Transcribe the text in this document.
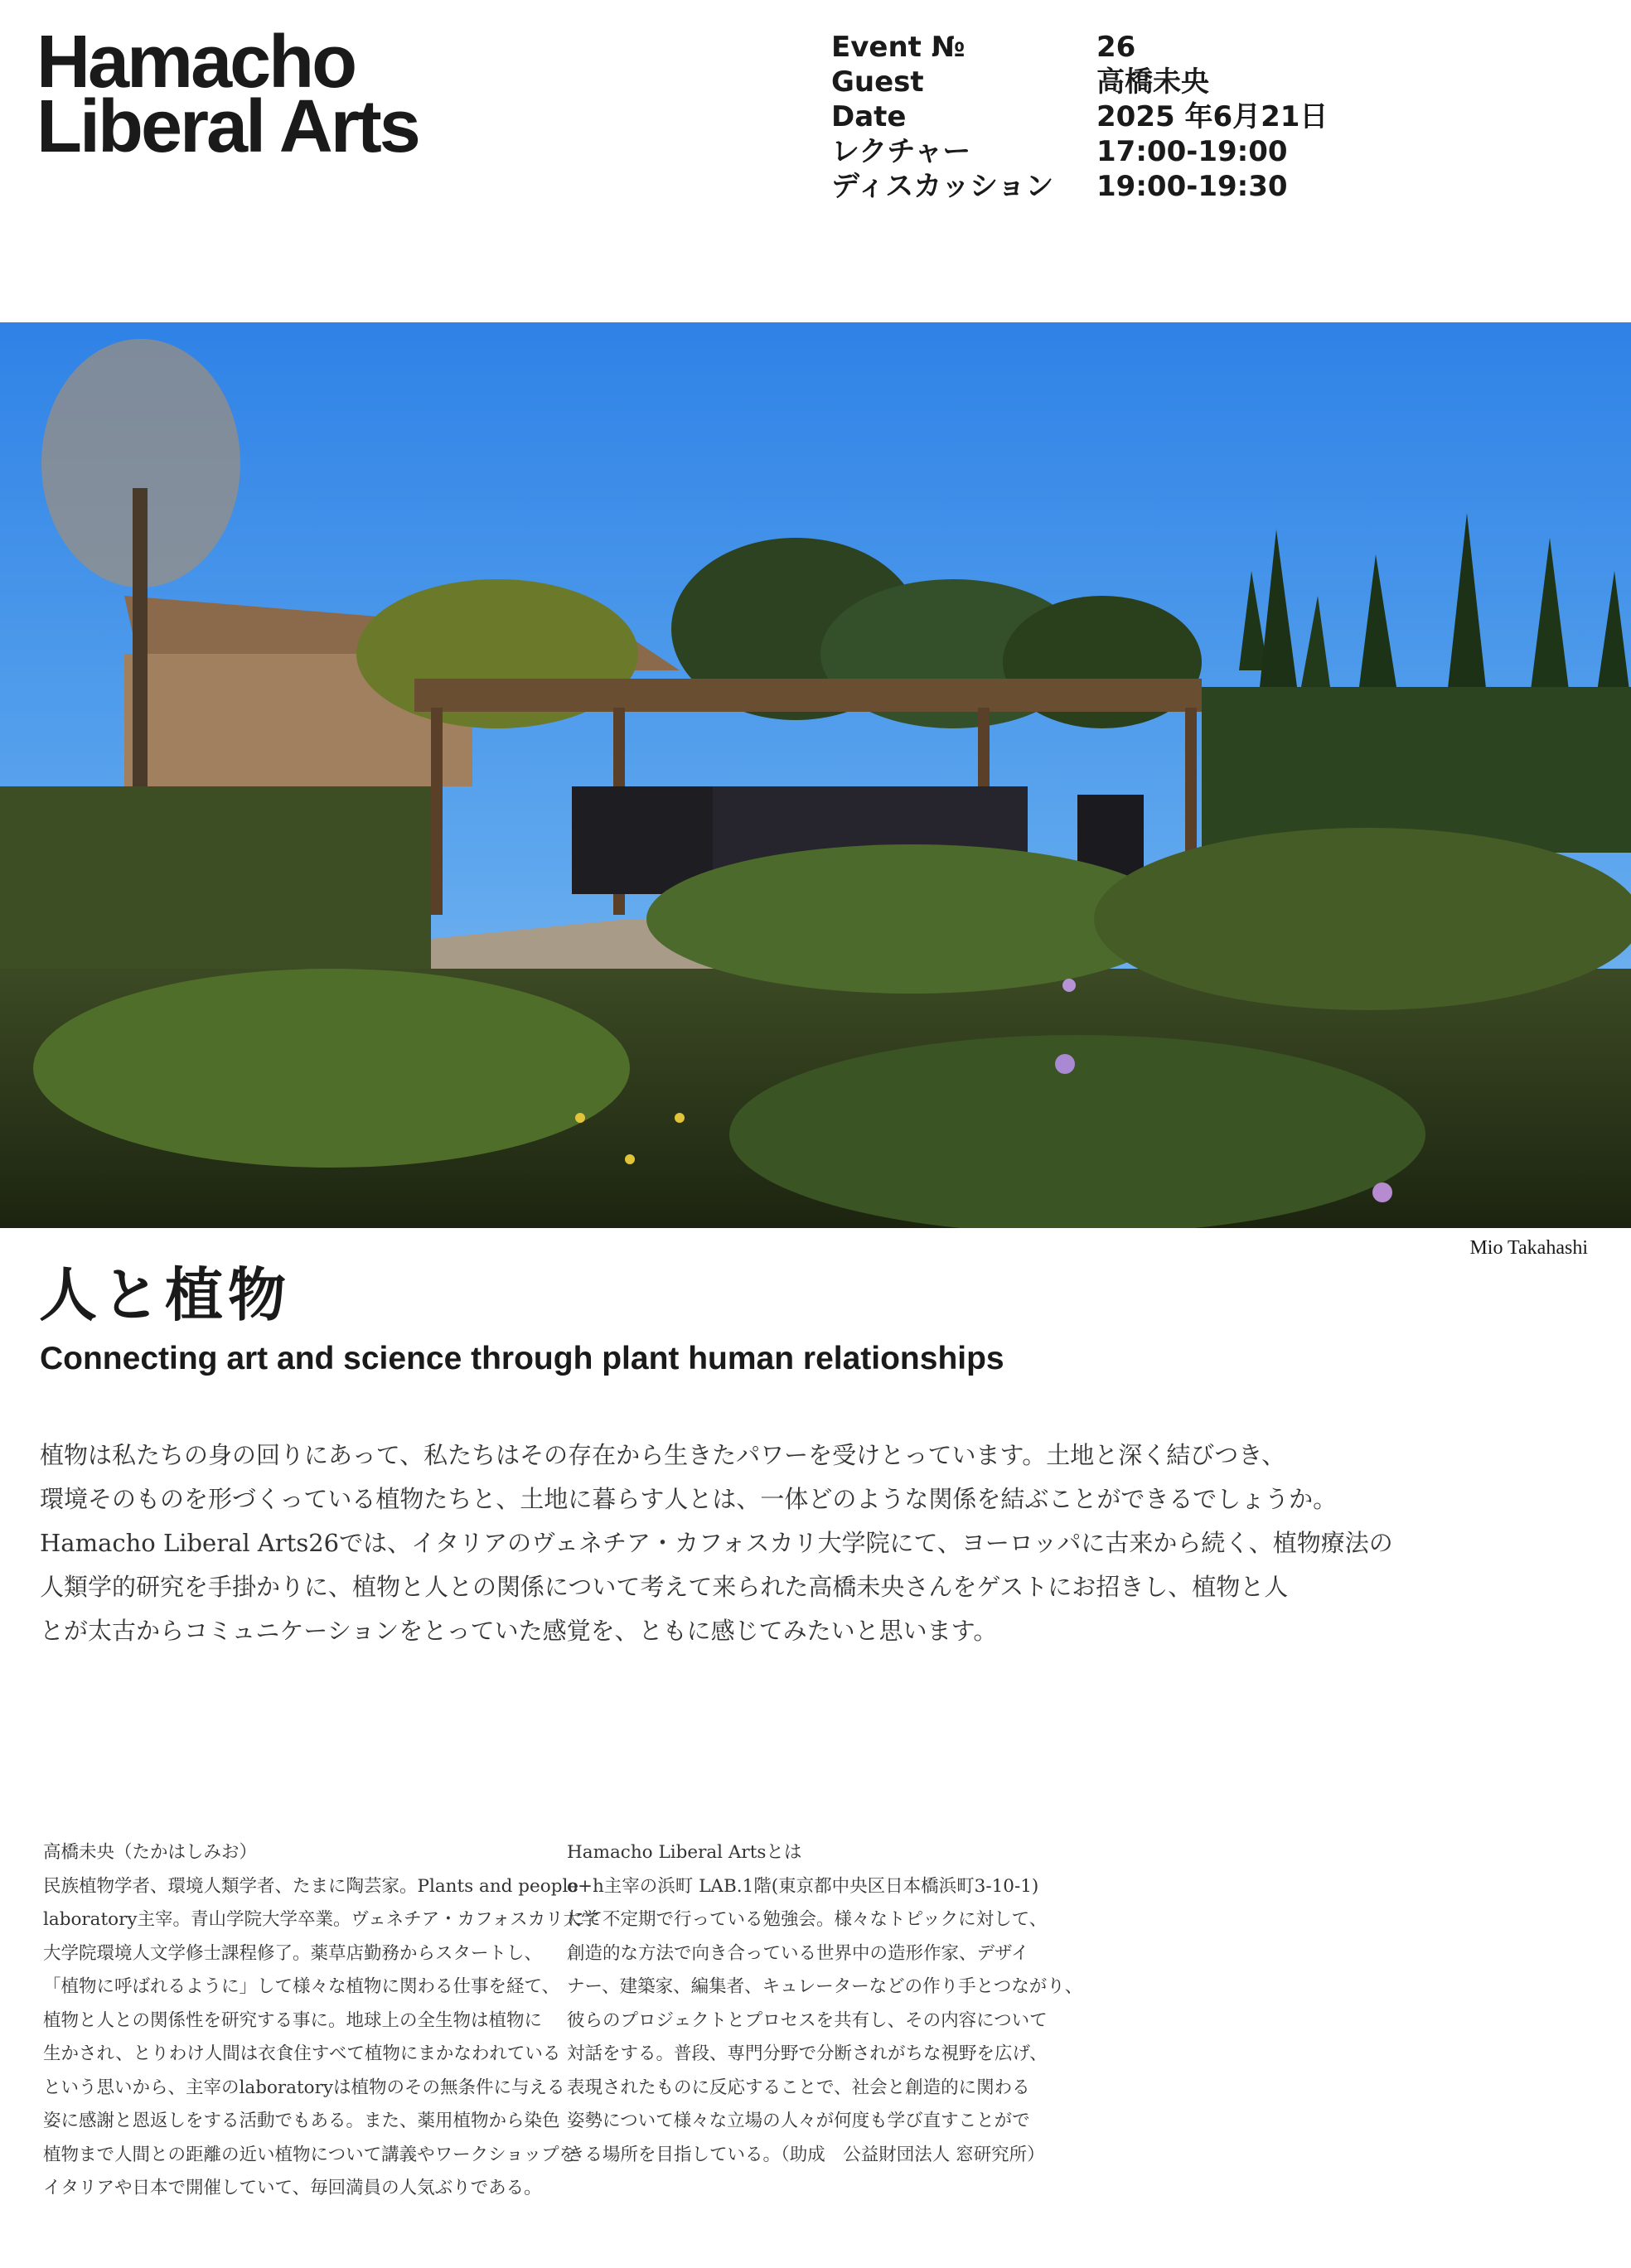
Hamacho
Liberal Arts
Event №	26
Guest	高橋未央
Date	2025 年6月21日
レクチャー	17:00-19:00
ディスカッション	19:00-19:30
Mio Takahashi
人と植物
Connecting art and science through plant human relationships
植物は私たちの身の回りにあって、私たちはその存在から生きたパワーを受けとっています。土地と深く結びつき、
環境そのものを形づくっている植物たちと、土地に暮らす人とは、一体どのような関係を結ぶことができるでしょうか。
Hamacho Liberal Arts26では、イタリアのヴェネチア・カフォスカリ大学院にて、ヨーロッパに古来から続く、植物療法の
人類学的研究を手掛かりに、植物と人との関係について考えて来られた高橋未央さんをゲストにお招きし、植物と人
とが太古からコミュニケーションをとっていた感覚を、ともに感じてみたいと思います。
高橋未央（たかはしみお）
民族植物学者、環境人類学者、たまに陶芸家。Plants and people
laboratory主宰。青山学院大学卒業。ヴェネチア・カフォスカリ大学
大学院環境人文学修士課程修了。薬草店勤務からスタートし、
「植物に呼ばれるように」して様々な植物に関わる仕事を経て、
植物と人との関係性を研究する事に。地球上の全生物は植物に
生かされ、とりわけ人間は衣食住すべて植物にまかなわれている
という思いから、主宰のlaboratoryは植物のその無条件に与える
姿に感謝と恩返しをする活動でもある。また、薬用植物から染色
植物まで人間との距離の近い植物について講義やワークショップを
イタリアや日本で開催していて、毎回満員の人気ぶりである。
Hamacho Liberal Artsとは
o+h主宰の浜町 LAB.1階(東京都中央区日本橋浜町3-10-1)
にて不定期で行っている勉強会。様々なトピックに対して、
創造的な方法で向き合っている世界中の造形作家、デザイ
ナー、建築家、編集者、キュレーターなどの作り手とつながり、
彼らのプロジェクトとプロセスを共有し、その内容について
対話をする。普段、専門分野で分断されがちな視野を広げ、
表現されたものに反応することで、社会と創造的に関わる
姿勢について様々な立場の人々が何度も学び直すことがで
きる場所を目指している。（助成　公益財団法人 窓研究所）
